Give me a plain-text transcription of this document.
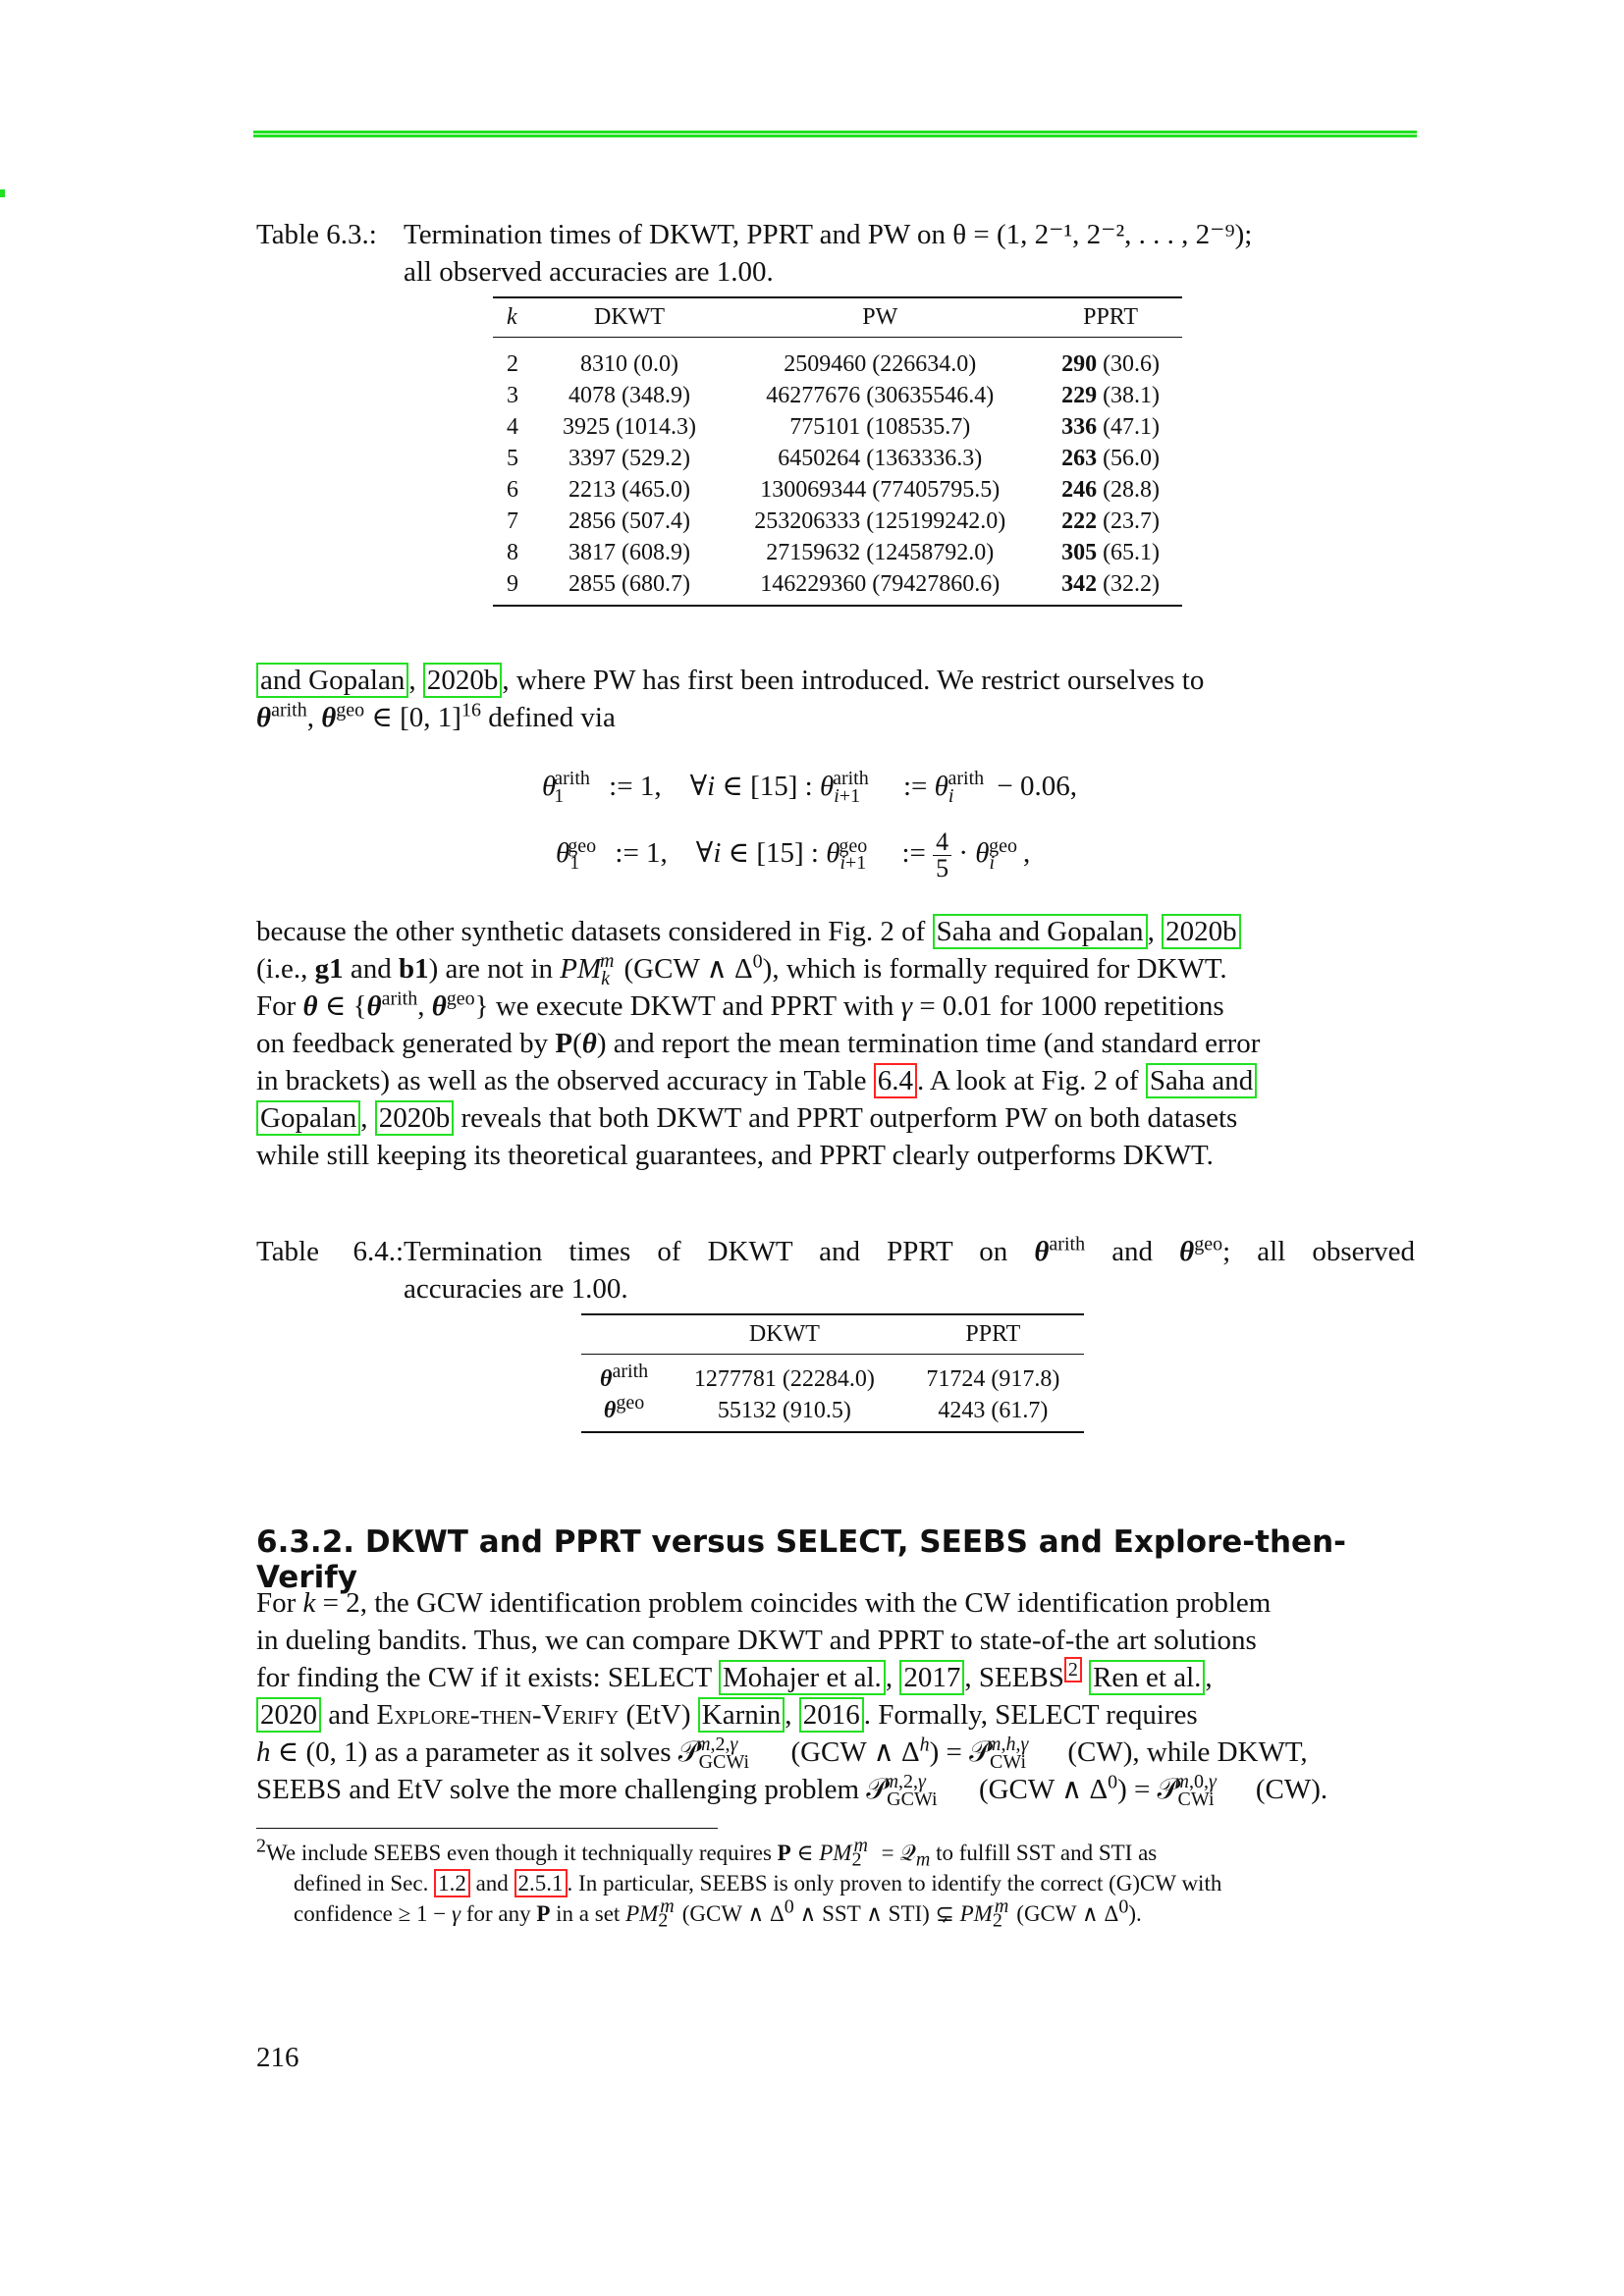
Table 6.3.: Termination times of DKWT, PPRT and PW on θ = (1, 2⁻¹, 2⁻², . . . , 2⁻⁹);
all observed accuracies are 1.00.
k	DKWT	PW	PPRT
2	8310 (0.0)	2509460 (226634.0)	290 (30.6)
3	4078 (348.9)	46277676 (30635546.4)	229 (38.1)
4	3925 (1014.3)	775101 (108535.7)	336 (47.1)
5	3397 (529.2)	6450264 (1363336.3)	263 (56.0)
6	2213 (465.0)	130069344 (77405795.5)	246 (28.8)
7	2856 (507.4)	253206333 (125199242.0)	222 (23.7)
8	3817 (608.9)	27159632 (12458792.0)	305 (65.1)
9	2855 (680.7)	146229360 (79427860.6)	342 (32.2)
and Gopalan , 2020b , where PW has first been introduced. We restrict ourselves to
$\theta^{arith}$, $\theta^{geo}$ ∈ [0, 1]$^{16}$ defined via
$\theta_1^{arith}$ := 1,    ∀i ∈ [15] : $\theta_{i+1}^{arith}$ := $\theta_i^{arith} - 0.06$,
$\theta_1^{geo}$ := 1,    ∀i ∈ [15] : $\theta_{i+1}^{geo}$ := $\frac{4}{5} \cdot \theta_i^{geo}$ ,
because the other synthetic datasets considered in Fig. 2 of Saha and Gopalan , 2020b
(i.e., g1 and b1) are not in $PM_k^m$ (GCW ∧ $\Delta^0$), which is formally required for DKWT.
For θ ∈ {$\theta^{arith}$, $\theta^{geo}$} we execute DKWT and PPRT with γ = 0.01 for 1000 repetitions
on feedback generated by P(θ) and report the mean termination time (and standard error
in brackets) as well as the observed accuracy in Table 6.4 . A look at Fig. 2 of Saha and
Gopalan , 2020b reveals that both DKWT and PPRT outperform PW on both datasets
while still keeping its theoretical guarantees, and PPRT clearly outperforms DKWT.
Table 6.4.:Termination times of DKWT and PPRT on $\theta^{arith}$ and $\theta^{geo}$; all observed
accuracies are 1.00.
	DKWT	PPRT
$\theta^{arith}$	1277781 (22284.0)	71724 (917.8)
$\theta^{geo}$	55132 (910.5)	4243 (61.7)
6.3.2. DKWT and PPRT versus SELECT, SEEBS and Explore-then-Verify
For k = 2, the GCW identification problem coincides with the CW identification problem
in dueling bandits. Thus, we can compare DKWT and PPRT to state-of-the art solutions
for finding the CW if it exists: SELECT Mohajer et al. , 2017 , SEEBS $^2$ Ren et al. ,
2020 and Explore-then-Verify (EtV) Karnin , 2016 . Formally, SELECT requires
h ∈ (0, 1) as a parameter as it solves 𝒫$_{GCWi}^{m,2,\gamma}$ (GCW ∧ $\Delta^h$) = 𝒫$_{CWi}^{m,h,\gamma}$ (CW), while DKWT,
SEEBS and EtV solve the more challenging problem 𝒫$_{GCWi}^{m,2,\gamma}$ (GCW ∧ $\Delta^0$) = 𝒫$_{CWi}^{m,0,\gamma}$ (CW).
$^2$We include SEEBS even though it techniqually requires P ∈ $PM_2^m$ = 𝒬$_m$ to fulfill SST and STI as
defined in Sec. 1.2 and 2.5.1 . In particular, SEEBS is only proven to identify the correct (G)CW with
confidence ≥ 1 − γ for any P in a set $PM_2^m$ (GCW ∧ $\Delta^0$ ∧ SST ∧ STI) ⊊ $PM_2^m$ (GCW ∧ $\Delta^0$).
216
